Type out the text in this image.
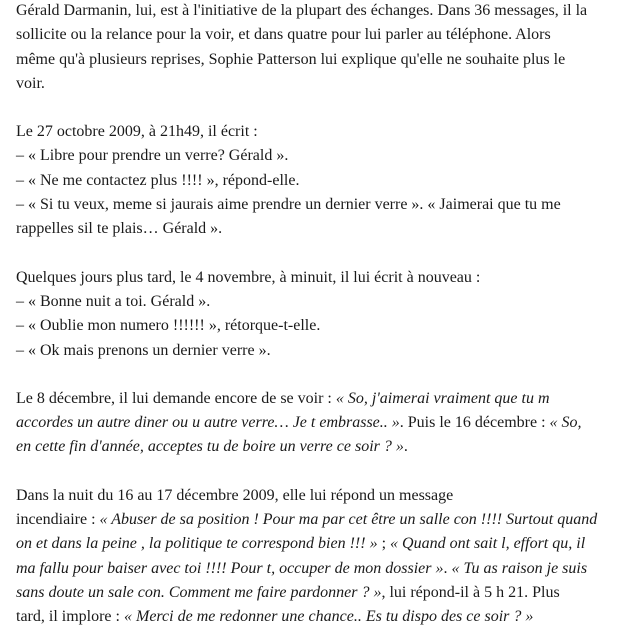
Gérald Darmanin, lui, est à l'initiative de la plupart des échanges. Dans 36 messages, il la
sollicite ou la relance pour la voir, et dans quatre pour lui parler au téléphone. Alors
même qu'à plusieurs reprises, Sophie Patterson lui explique qu'elle ne souhaite plus le
voir.

Le 27 octobre 2009, à 21h49, il écrit :
– « Libre pour prendre un verre? Gérald ».
– « Ne me contactez plus !!!! », répond-elle.
– « Si tu veux, meme si jaurais aime prendre un dernier verre ». « Jaimerai que tu me
rappelles sil te plais… Gérald ».

Quelques jours plus tard, le 4 novembre, à minuit, il lui écrit à nouveau :
– « Bonne nuit a toi. Gérald ».
– « Oublie mon numero !!!!!! », rétorque-t-elle.
– « Ok mais prenons un dernier verre ».

Le 8 décembre, il lui demande encore de se voir : « So, j'aimerai vraiment que tu m
accordes un autre diner ou u autre verre… Je t embrasse.. ». Puis le 16 décembre : « So,
en cette fin d'année, acceptes tu de boire un verre ce soir ? ».

Dans la nuit du 16 au 17 décembre 2009, elle lui répond un message
incendiaire : « Abuser de sa position ! Pour ma par cet être un salle con !!!! Surtout quand
on et dans la peine , la politique te correspond bien !!! » ; « Quand ont sait l, effort qu, il
ma fallu pour baiser avec toi !!!! Pour t, occuper de mon dossier ». « Tu as raison je suis
sans doute un sale con. Comment me faire pardonner ? », lui répond-il à 5 h 21. Plus
tard, il implore : « Merci de me redonner une chance.. Es tu dispo des ce soir ? »
